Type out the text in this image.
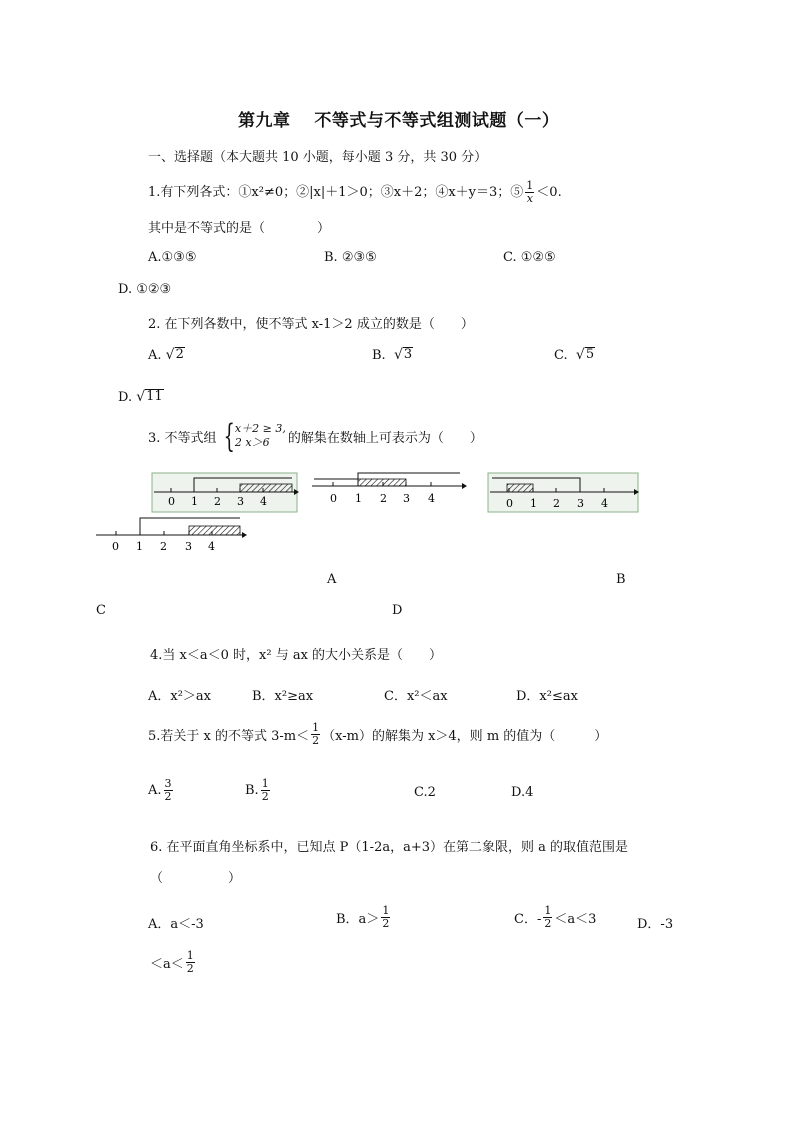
第九章　 不等式与不等式组测试题（一）
一、选择题（本大题共 10 小题，每小题 3 分，共 30 分）
1.有下列各式：①x²≠0；②|x|＋1＞0；③x＋2；④x＋y＝3；⑤ $\frac{1}{x} <0$.
其中是不等式的是（　　　　）
A.①③⑤	B. ②③⑤	C. ①②⑤
D. ①②③
2. 在下列各数中，使不等式 x-1＞2 成立的数是（　　）
A. √ 2	B. √ 3	C. √ 5
D. √ 11
3. 不等式组 { x＋2 ≥ 3,
2 x＞6	的解集在数轴上可表示为（　　）
0 1 2 3 4	0 1 2 3 4	0 1 2 3 4
0 1 2 3 4
A	B
C	D
4.当 x＜a＜0 时，x² 与 ax 的大小关系是（　　）
A．x²＞ax	B．x²≥ax	C．x²＜ax	D．x²≤ax
5.若关于 x 的不等式 $3-m< \frac{1}{2} (x-m)$的解集为 x＞4，则 m 的值为（　　　）
A. $\frac{3}{2}$	B. $\frac{1}{2}$	C.2	D.4
6. 在平面直角坐标系中，已知点 P（1-2a，a+3）在第二象限，则 a 的取值范围是
（　　　　　）
A．a＜-3	B．$a> \frac{1}{2}$	C．- $\frac{1}{2} <a<3$	D．-3
$<a< \frac{1}{2}$
